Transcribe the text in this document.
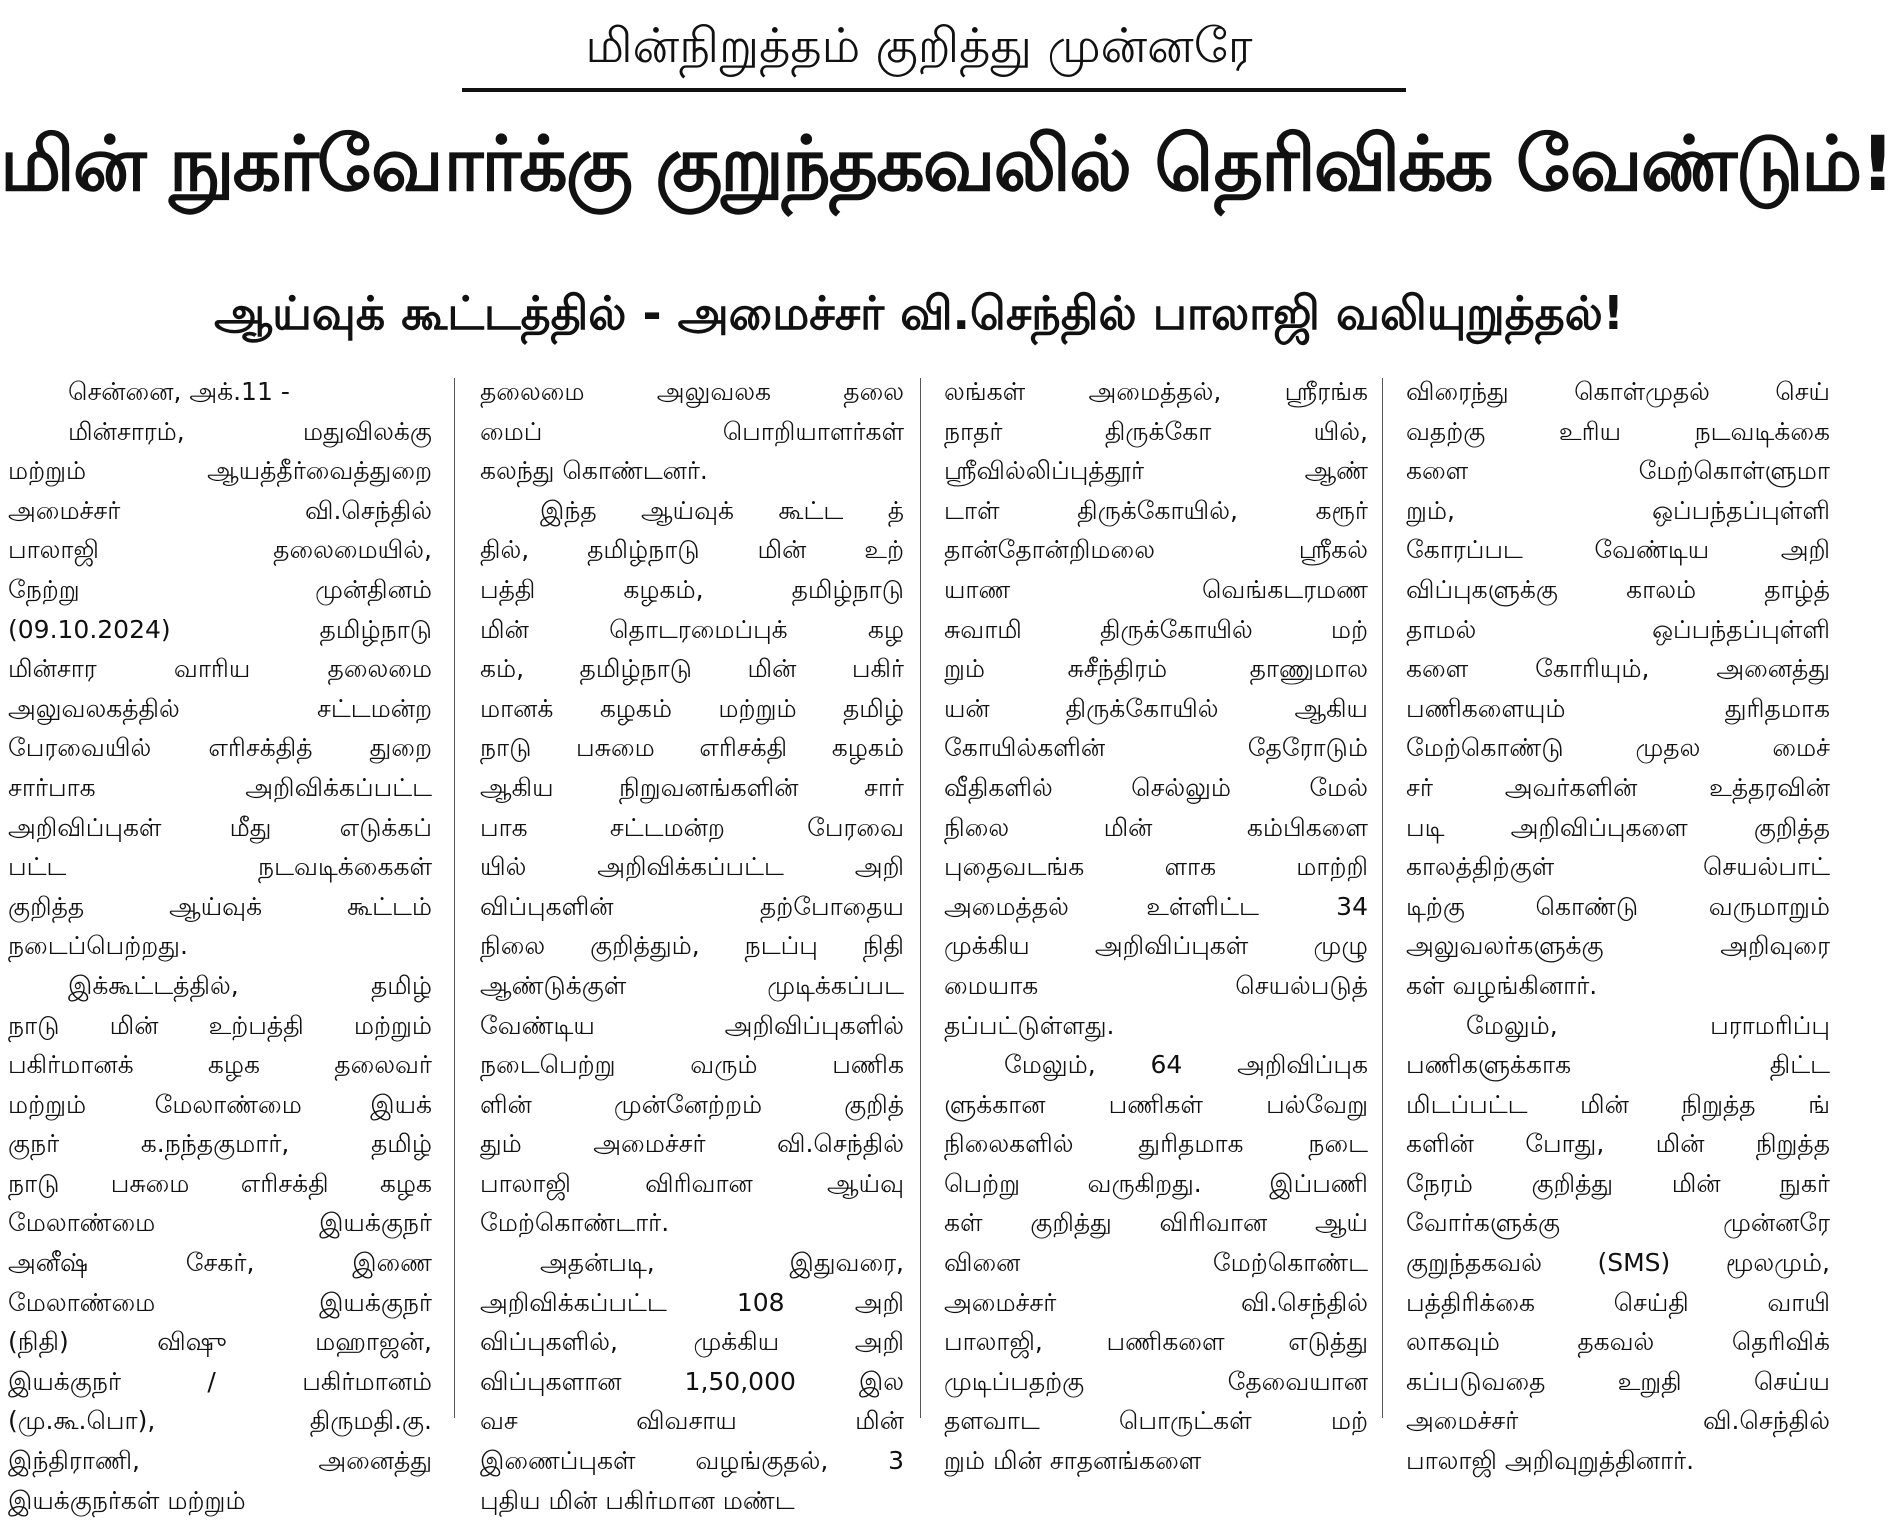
மின்நிறுத்தம் குறித்து முன்னரே
மின் நுகர்வோர்க்கு குறுந்தகவலில் தெரிவிக்க வேண்டும்!
ஆய்வுக் கூட்டத்தில் - அமைச்சர் வி.செந்தில் பாலாஜி வலியுறுத்தல்!
சென்னை, அக்.11 -
மின்சாரம், மதுவிலக்கு
மற்றும் ஆயத்தீர்வைத்துறை
அமைச்சர் வி.செந்தில்
பாலாஜி தலைமையில்,
நேற்று முன்தினம்
(09.10.2024) தமிழ்நாடு
மின்சார வாரிய தலைமை
அலுவலகத்தில் சட்டமன்ற
பேரவையில் எரிசக்தித் துறை
சார்பாக அறிவிக்கப்பட்ட
அறிவிப்புகள் மீது எடுக்கப்
பட்ட நடவடிக்கைகள்
குறித்த ஆய்வுக் கூட்டம்
நடைப்பெற்றது.
இக்கூட்டத்தில், தமிழ்
நாடு மின் உற்பத்தி மற்றும்
பகிர்மானக் கழக தலைவர்
மற்றும் மேலாண்மை இயக்
குநர் க.நந்தகுமார், தமிழ்
நாடு பசுமை எரிசக்தி கழக
மேலாண்மை இயக்குநர்
அனீஷ் சேகர், இணை
மேலாண்மை இயக்குநர்
(நிதி) விஷு மஹாஜன்,
இயக்குநர் / பகிர்மானம்
(மு.கூ.பொ), திருமதி.கு.
இந்திராணி, அனைத்து
இயக்குநர்கள் மற்றும்
தலைமை அலுவலக தலை
மைப் பொறியாளர்கள்
கலந்து கொண்டனர்.
இந்த ஆய்வுக் கூட்ட த்
தில், தமிழ்நாடு மின் உற்
பத்தி கழகம், தமிழ்நாடு
மின் தொடரமைப்புக் கழ
கம், தமிழ்நாடு மின் பகிர்
மானக் கழகம் மற்றும் தமிழ்
நாடு பசுமை எரிசக்தி கழகம்
ஆகிய நிறுவனங்களின் சார்
பாக சட்டமன்ற பேரவை
யில் அறிவிக்கப்பட்ட அறி
விப்புகளின் தற்போதைய
நிலை குறித்தும், நடப்பு நிதி
ஆண்டுக்குள் முடிக்கப்பட
வேண்டிய அறிவிப்புகளில்
நடைபெற்று வரும் பணிக
ளின் முன்னேற்றம் குறித்
தும் அமைச்சர் வி.செந்தில்
பாலாஜி விரிவான ஆய்வு
மேற்கொண்டார்.
அதன்படி, இதுவரை,
அறிவிக்கப்பட்ட 108 அறி
விப்புகளில், முக்கிய அறி
விப்புகளான 1,50,000 இல
வச விவசாய மின்
இணைப்புகள் வழங்குதல், 3
புதிய மின் பகிர்மான மண்ட
லங்கள் அமைத்தல், ஸ்ரீரங்க
நாதர் திருக்கோ யில்,
ஸ்ரீவில்லிப்புத்தூர் ஆண்
டாள் திருக்கோயில், கரூர்
தான்தோன்றிமலை ஸ்ரீகல்
யாண வெங்கடரமண
சுவாமி திருக்கோயில் மற்
றும் சுசீந்திரம் தாணுமால
யன் திருக்கோயில் ஆகிய
கோயில்களின் தேரோடும்
வீதிகளில் செல்லும் மேல்
நிலை மின் கம்பிகளை
புதைவடங்க ளாக மாற்றி
அமைத்தல் உள்ளிட்ட 34
முக்கிய அறிவிப்புகள் முழு
மையாக செயல்படுத்
தப்பட்டுள்ளது.
மேலும், 64 அறிவிப்புக
ளுக்கான பணிகள் பல்வேறு
நிலைகளில் துரிதமாக நடை
பெற்று வருகிறது. இப்பணி
கள் குறித்து விரிவான ஆய்
வினை மேற்கொண்ட
அமைச்சர் வி.செந்தில்
பாலாஜி, பணிகளை எடுத்து
முடிப்பதற்கு தேவையான
தளவாட பொருட்கள் மற்
றும் மின் சாதனங்களை
விரைந்து கொள்முதல் செய்
வதற்கு உரிய நடவடிக்கை
களை மேற்கொள்ளுமா
றும், ஒப்பந்தப்புள்ளி
கோரப்பட வேண்டிய அறி
விப்புகளுக்கு காலம் தாழ்த்
தாமல் ஒப்பந்தப்புள்ளி
களை கோரியும், அனைத்து
பணிகளையும் துரிதமாக
மேற்கொண்டு முதல மைச்
சர் அவர்களின் உத்தரவின்
படி அறிவிப்புகளை குறித்த
காலத்திற்குள் செயல்பாட்
டிற்கு கொண்டு வருமாறும்
அலுவலர்களுக்கு அறிவுரை
கள் வழங்கினார்.
மேலும், பராமரிப்பு
பணிகளுக்காக திட்ட
மிடப்பட்ட மின் நிறுத்த ங்
களின் போது, மின் நிறுத்த
நேரம் குறித்து மின் நுகர்
வோர்களுக்கு முன்னரே
குறுந்தகவல் (SMS) மூலமும்,
பத்திரிக்கை செய்தி வாயி
லாகவும் தகவல் தெரிவிக்
கப்படுவதை உறுதி செய்ய
அமைச்சர் வி.செந்தில்
பாலாஜி அறிவுறுத்தினார்.
